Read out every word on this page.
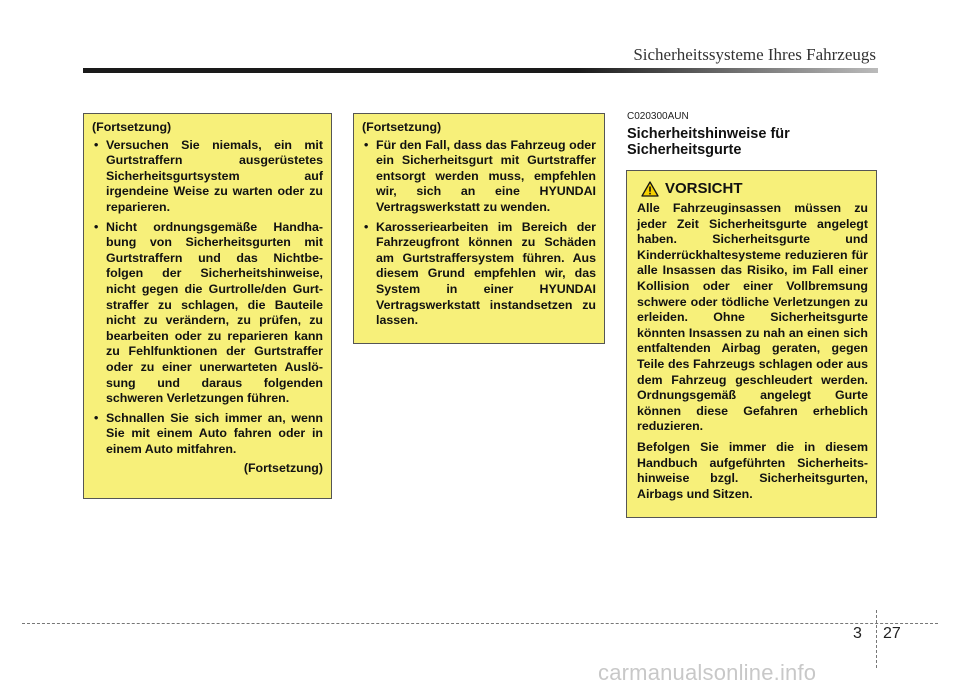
Sicherheitssysteme Ihres Fahrzeugs
(Fortsetzung)
• Versuchen Sie niemals, ein mit Gurtstraffern ausgerüstetes Sicherheitsgurtsystem auf irgendeine Weise zu warten oder zu reparieren.
• Nicht ordnungsgemäße Handha-bung von Sicherheitsgurten mit Gurtstraffern und das Nichtbe-folgen der Sicherheitshinweise, nicht gegen die Gurtrolle/den Gurt-straffer zu schlagen, die Bauteile nicht zu verändern, zu prüfen, zu bearbeiten oder zu reparieren kann zu Fehlfunktionen der Gurtstraffer oder zu einer unerwarteten Auslö-sung und daraus folgenden schweren Verletzungen führen.
• Schnallen Sie sich immer an, wenn Sie mit einem Auto fahren oder in einem Auto mitfahren.
(Fortsetzung)
(Fortsetzung)
• Für den Fall, dass das Fahrzeug oder ein Sicherheitsgurt mit Gurtstraffer entsorgt werden muss, empfehlen wir, sich an eine HYUNDAI Vertragswerkstatt zu wenden.
• Karosseriearbeiten im Bereich der Fahrzeugfront können zu Schäden am Gurtstraffersystem führen. Aus diesem Grund empfehlen wir, das System in einer HYUNDAI Vertragswerkstatt instandsetzen zu lassen.
C020300AUN
Sicherheitshinweise für Sicherheitsgurte
VORSICHT

Alle Fahrzeuginsassen müssen zu jeder Zeit Sicherheitsgurte angelegt haben. Sicherheitsgurte und Kinderrückhaltesysteme reduzieren für alle Insassen das Risiko, im Fall einer Kollision oder einer Vollbremsung schwere oder tödliche Verletzungen zu erleiden. Ohne Sicherheitsgurte könnten Insassen zu nah an einen sich entfaltenden Airbag geraten, gegen Teile des Fahrzeugs schlagen oder aus dem Fahrzeug geschleudert werden. Ordnungsgemäß angelegt Gurte können diese Gefahren erheblich reduzieren.

Befolgen Sie immer die in diesem Handbuch aufgeführten Sicherheits-hinweise bzgl. Sicherheitsgurten, Airbags und Sitzen.

3 27
carmanualsonline.info
